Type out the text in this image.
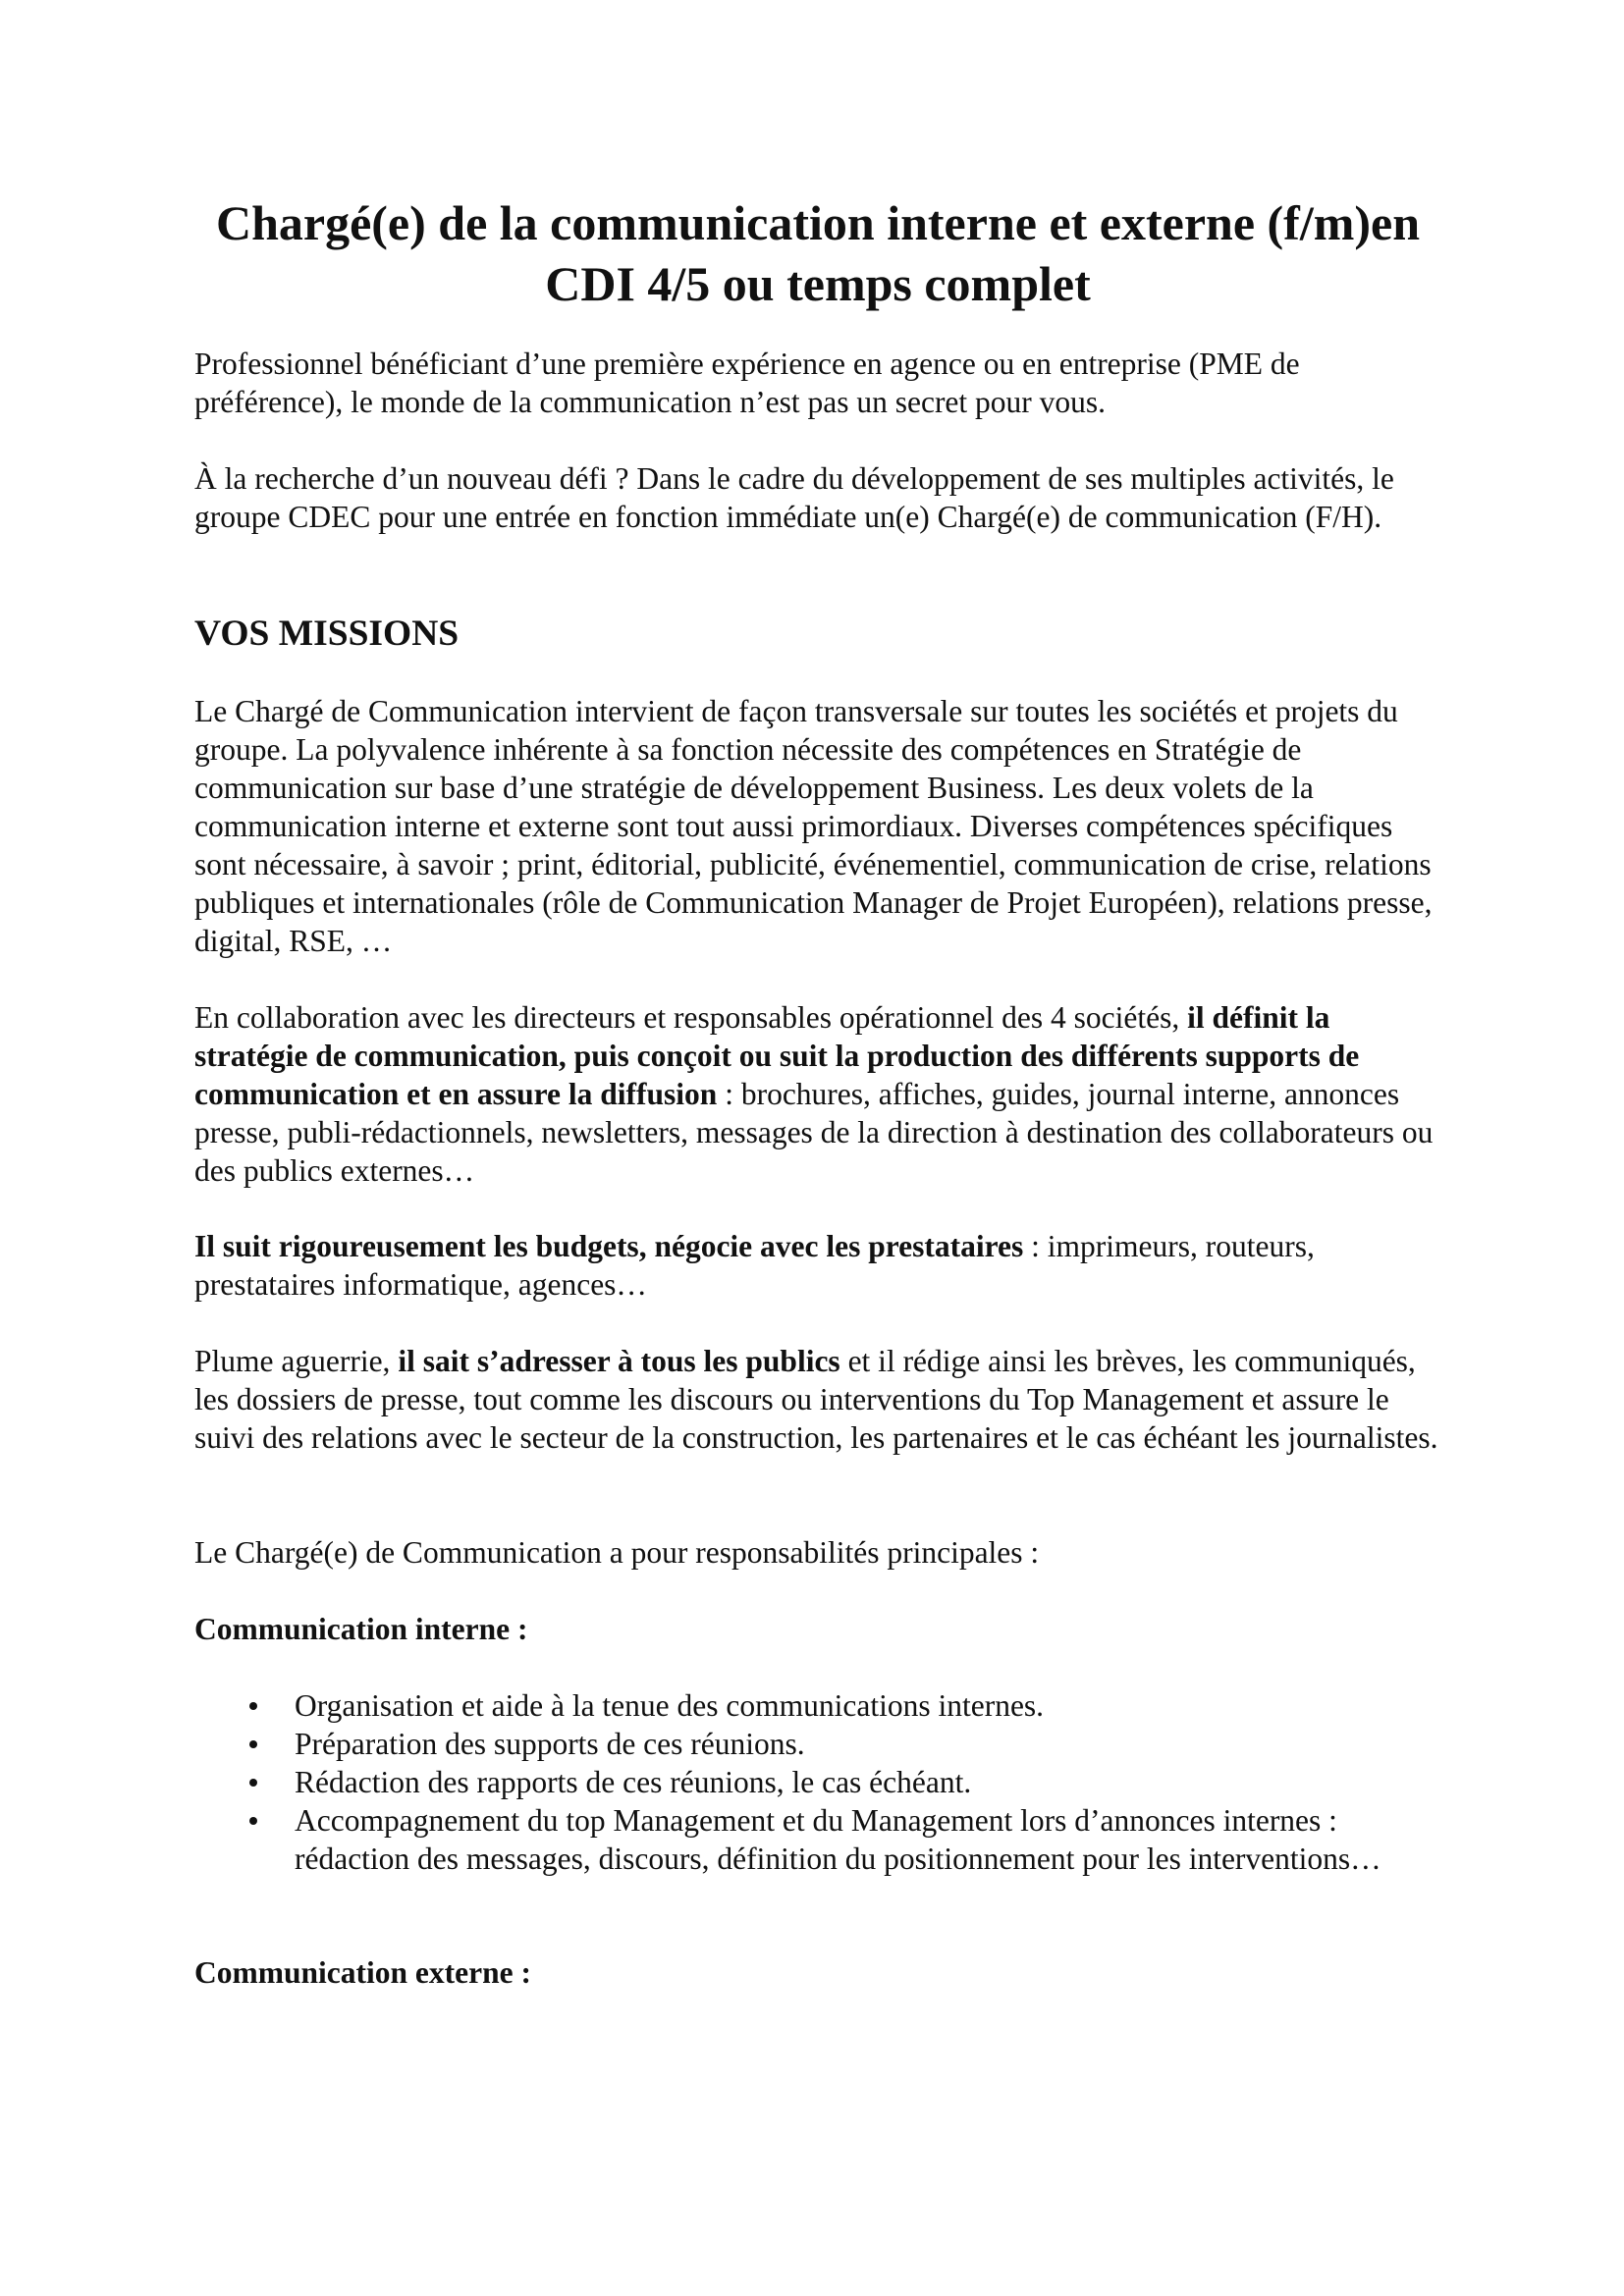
Chargé(e) de la communication interne et externe (f/m)en
CDI 4/5 ou temps complet

Professionnel bénéficiant d’une première expérience en agence ou en entreprise (PME de préférence), le monde de la communication n’est pas un secret pour vous.

À la recherche d’un nouveau défi ? Dans le cadre du développement de ses multiples activités, le groupe CDEC pour une entrée en fonction immédiate un(e) Chargé(e) de communication (F/H).

VOS MISSIONS

Le Chargé de Communication intervient de façon transversale sur toutes les sociétés et projets du groupe. La polyvalence inhérente à sa fonction nécessite des compétences en Stratégie de communication sur base d’une stratégie de développement Business. Les deux volets de la communication interne et externe sont tout aussi primordiaux. Diverses compétences spécifiques sont nécessaire, à savoir ; print, éditorial, publicité, événementiel, communication de crise, relations publiques et internationales (rôle de Communication Manager de Projet Européen), relations presse, digital, RSE, …

En collaboration avec les directeurs et responsables opérationnel des 4 sociétés, il définit la stratégie de communication, puis conçoit ou suit la production des différents supports de communication et en assure la diffusion : brochures, affiches, guides, journal interne, annonces presse, publi-rédactionnels, newsletters, messages de la direction à destination des collaborateurs ou des publics externes…

Il suit rigoureusement les budgets, négocie avec les prestataires : imprimeurs, routeurs, prestataires informatique, agences…

Plume aguerrie, il sait s’adresser à tous les publics et il rédige ainsi les brèves, les communiqués, les dossiers de presse, tout comme les discours ou interventions du Top Management et assure le suivi des relations avec le secteur de la construction, les partenaires et le cas échéant les journalistes.

Le Chargé(e) de Communication a pour responsabilités principales :

Communication interne :
Organisation et aide à la tenue des communications internes.
Préparation des supports de ces réunions.
Rédaction des rapports de ces réunions, le cas échéant.
Accompagnement du top Management et du Management lors d’annonces internes : rédaction des messages, discours, définition du positionnement pour les interventions…
Communication externe :
